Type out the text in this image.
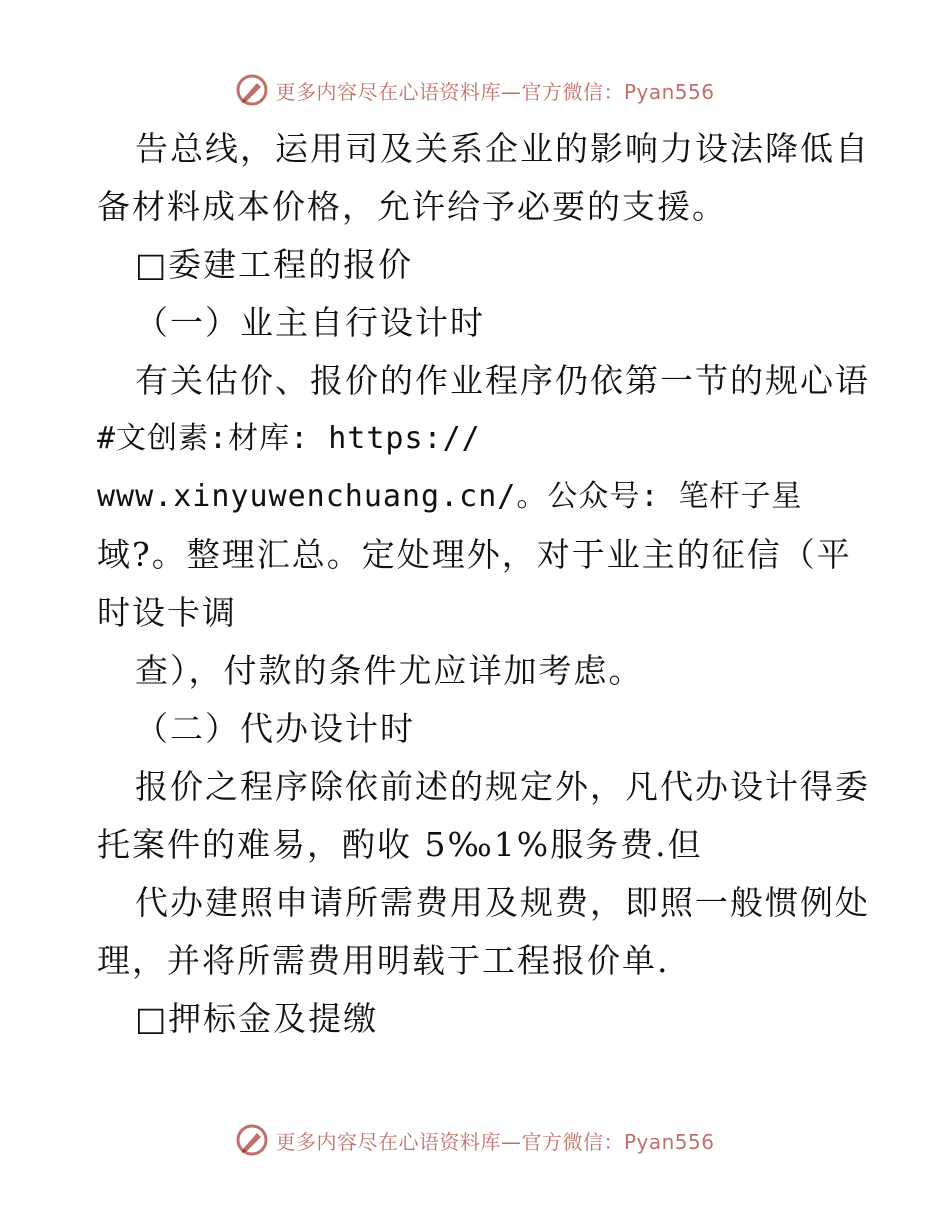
更多内容尽在心语资料库—官方微信：Pyan556
告总线，运用司及关系企业的影响力设法降低自
备材料成本价格，允许给予必要的支援。
□委建工程的报价
（一）业主自行设计时
有关估价、报价的作业程序仍依第一节的规心语
#文创素:材库: https://
www.xinyuwenchuang.cn/。公众号: 笔杆子星
域?。整理汇总。定处理外，对于业主的征信（平
时设卡调
查），付款的条件尤应详加考虑。
（二）代办设计时
报价之程序除依前述的规定外，凡代办设计得委
托案件的难易，酌收 5‰1%服务费.但
代办建照申请所需费用及规费，即照一般惯例处
理，并将所需费用明载于工程报价单.
□押标金及提缴
更多内容尽在心语资料库—官方微信：Pyan556
